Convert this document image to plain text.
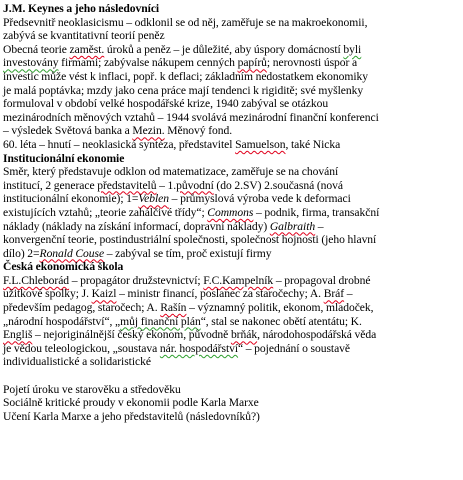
J.M. Keynes a jeho následovníci
Předsevnitř neoklasicismu – odklonil se od něj, zaměřuje se na makroekonomii,
zabývá se kvantitativní teorií peněz
Obecná teorie zaměst. úroků a peněz – je důležité, aby úspory domácností byli
investovány firmami; zabývalse nákupem cenných papírů; nerovnosti úspor a
investic může vést k inflaci, popř. k deflaci; základním nedostatkem ekonomiky
je malá poptávka; mzdy jako cena práce mají tendenci k rigiditě; své myšlenky
formuloval v období velké hospodářské krize, 1940 zabýval se otázkou
mezinárodních měnových vztahů – 1944 svolává mezinárodní finanční konferenci
– výsledek Světová banka a Mezin. Měnový fond.
60. léta – hnutí – neoklasická syntéza, představitel Samuelson, také Nicka
Institucionální ekonomie
Směr, který představuje odklon od matematizace, zaměřuje se na chování
institucí, 2 generace představitelů – 1.původní (do 2.SV) 2.současná (nová
institucionální ekonomie); 1=Veblen – průmyslová výroba vede k deformaci
existujících vztahů; „teorie zahálčivé třídy“; Commons – podnik, firma, transakční
náklady (náklady na získání informací, dopravní náklady) Galbraith –
konvergenční teorie, postindustriální společnosti, společnost hojnosti (jeho hlavní
dílo) 2=Ronald Couse – zabýval se tím, proč existují firmy
Česká ekonomická škola
F.L.Chleborád – propagátor družstevnictví; F.C.Kampelník – propagoval drobné
užitkové spolky; J. Kaizl – ministr financí, poslanec za staročechy; A. Bráf –
především pedagog, staročech; A. Rašín – významný politik, ekonom, mladoček,
„národní hospodářství“, „můj finanční plán“, stal se nakonec obětí atentátu; K.
Engliš – nejoriginálnější český ekonom, původně brňák, národohospodářská věda
je vědou teleologickou, „soustava nár. hospodářství“ – pojednání o soustavě
individualistické a solidaristické
Pojetí úroku ve starověku a středověku
Sociálně kritické proudy v ekonomii podle Karla Marxe
Učení Karla Marxe a jeho představitelů (následovníků?)
